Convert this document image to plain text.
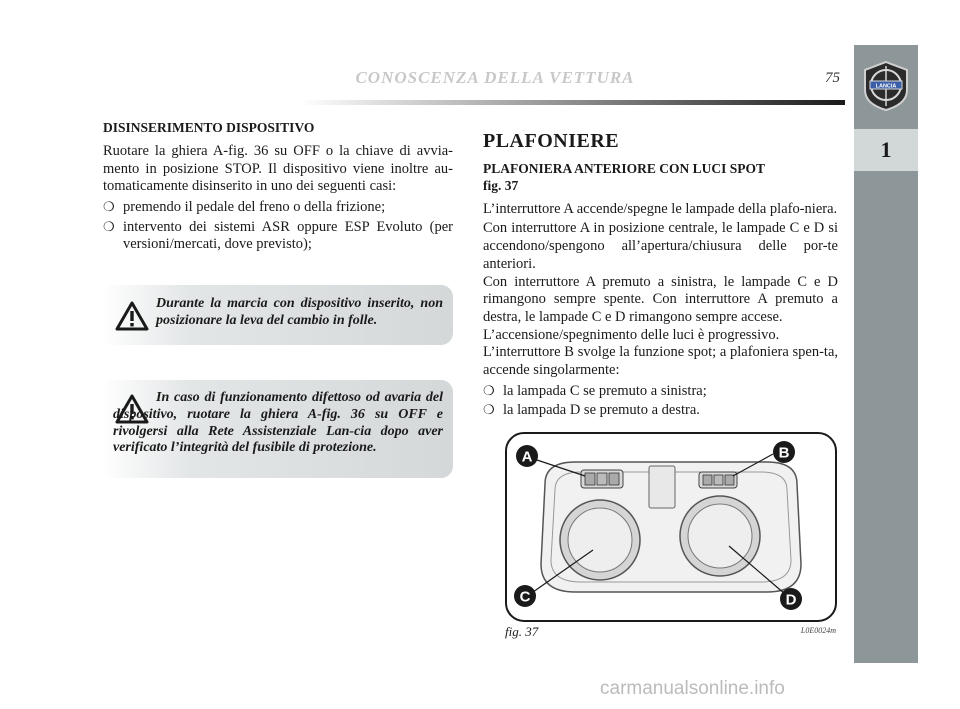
CONOSCENZA DELLA VETTURA	75
LANCIA
1
DISINSERIMENTO DISPOSITIVO

Ruotare la ghiera A-fig. 36 su OFF o la chiave di avvia-mento in posizione STOP. Il dispositivo viene inoltre au-tomaticamente disinserito in uno dei seguenti casi:

❍ premendo il pedale del freno o della frizione;
❍ intervento dei sistemi ASR oppure ESP Evoluto (per versioni/mercati, dove previsto);
Durante la marcia con dispositivo inserito, non posizionare la leva del cambio in folle.
In caso di funzionamento difettoso od avaria del dispositivo, ruotare la ghiera A-fig. 36 su OFF e rivolgersi alla Rete Assistenziale Lan-cia dopo aver verificato l’integrità del fusibile di protezione.
PLAFONIERE
PLAFONIERA ANTERIORE CON LUCI SPOT
fig. 37

L’interruttore A accende/spegne le lampade della plafo-niera.

Con interruttore A in posizione centrale, le lampade C e D si accendono/spengono all’apertura/chiusura delle por-te anteriori.

Con interruttore A premuto a sinistra, le lampade C e D rimangono sempre spente. Con interruttore A premuto a destra, le lampade C e D rimangono sempre accese.

L’accensione/spegnimento delle luci è progressivo.

L’interruttore B svolge la funzione spot; a plafoniera spen-ta, accende singolarmente:

❍ la lampada C se premuto a sinistra;
❍ la lampada D se premuto a destra.
A	B
C	D
fig. 37	L0E0024m
carmanualsonline.info
